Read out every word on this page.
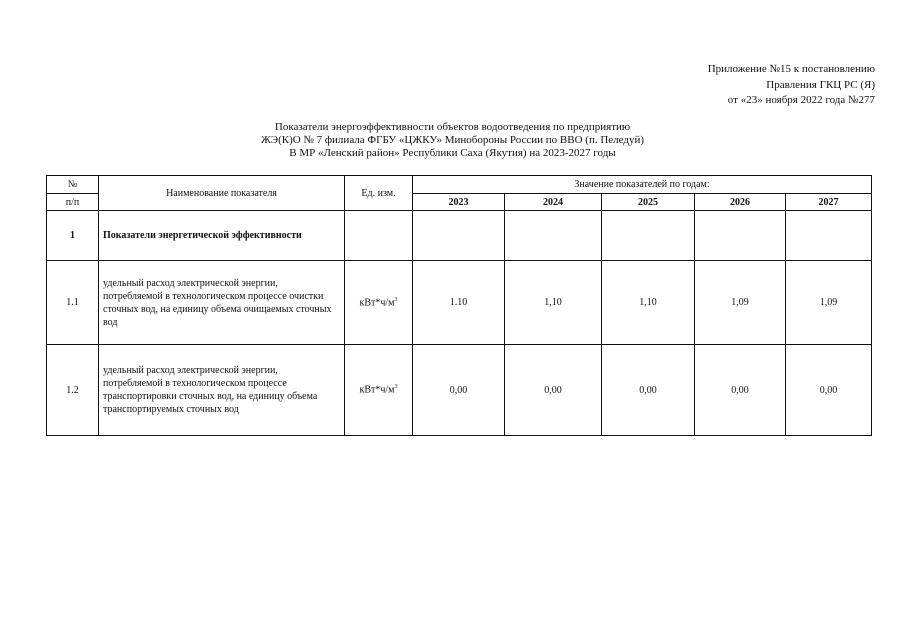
Приложение №15 к постановлению
Правления ГКЦ РС (Я)
от «23» ноября 2022 года №277
Показатели энергоэффективности объектов водоотведения по предприятию
ЖЭ(К)О № 7 филиала ФГБУ «ЦЖКУ» Минобороны России по ВВО (п. Пеледуй)
В МР «Ленский район» Республики Саха (Якутия) на 2023-2027 годы
№	Наименование показателя	Ед. изм.	Значение показателей по годам:				
п/п			2023	2024	2025	2026	2027
1	Показатели энергетической эффективности						
1.1	удельный расход электрической энергии, потребляемой в технологическом процессе очистки сточных вод, на единицу объема очищаемых сточных вод	$кВт*ч/м^3$	1.10	1,10	1,10	1,09	1,09
1.2	удельный расход электрической энергии, потребляемой в технологическом процессе транспортировки сточных вод, на единицу объема транспортируемых сточных вод	$кВт*ч/м^3$	0,00	0,00	0,00	0,00	0,00
